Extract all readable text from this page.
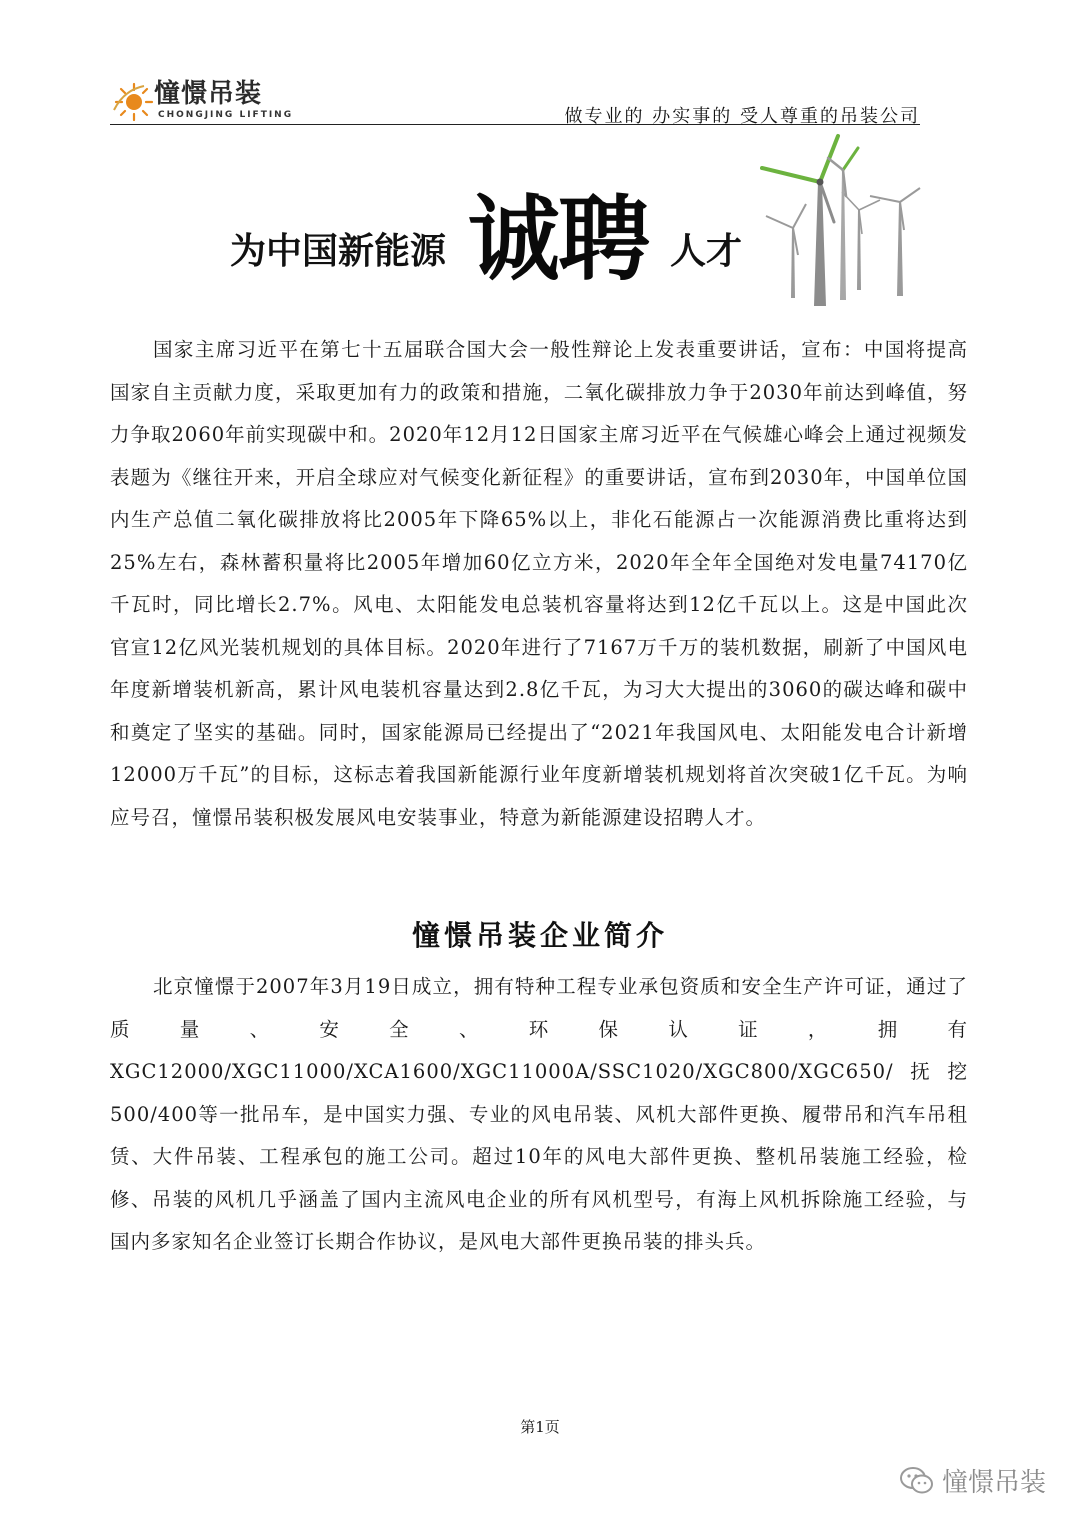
憧憬吊装
CHONGJING LIFTING	做专业的 办实事的 受人尊重的吊装公司
为中国新能源 诚聘 人才

国家主席习近平在第七十五届联合国大会一般性辩论上发表重要讲话，宣布：中国将提高国家自主贡献力度，采取更加有力的政策和措施，二氧化碳排放力争于2030年前达到峰值，努力争取2060年前实现碳中和。2020年12月12日国家主席习近平在气候雄心峰会上通过视频发表题为《继往开来，开启全球应对气候变化新征程》的重要讲话，宣布到2030年，中国单位国内生产总值二氧化碳排放将比2005年下降65%以上，非化石能源占一次能源消费比重将达到25%左右，森林蓄积量将比2005年增加60亿立方米，2020年全年全国绝对发电量74170亿千瓦时，同比增长2.7%。风电、太阳能发电总装机容量将达到12亿千瓦以上。这是中国此次官宣12亿风光装机规划的具体目标。2020年进行了7167万千万的装机数据，刷新了中国风电年度新增装机新高，累计风电装机容量达到2.8亿千瓦，为习大大提出的3060的碳达峰和碳中和奠定了坚实的基础。同时，国家能源局已经提出了“2021年我国风电、太阳能发电合计新增12000万千瓦”的目标，这标志着我国新能源行业年度新增装机规划将首次突破1亿千瓦。为响应号召，憧憬吊装积极发展风电安装事业，特意为新能源建设招聘人才。

憧憬吊装企业简介

北京憧憬于2007年3月19日成立，拥有特种工程专业承包资质和安全生产许可证，通过了质量、安全、环保认证，拥有XGC12000/XGC11000/XCA1600/XGC11000A/SSC1020/XGC800/XGC650/抚挖500/400等一批吊车，是中国实力强、专业的风电吊装、风机大部件更换、履带吊和汽车吊租赁、大件吊装、工程承包的施工公司。超过10年的风电大部件更换、整机吊装施工经验，检修、吊装的风机几乎涵盖了国内主流风电企业的所有风机型号，有海上风机拆除施工经验，与国内多家知名企业签订长期合作协议，是风电大部件更换吊装的排头兵。

第1页
憧憬吊装
